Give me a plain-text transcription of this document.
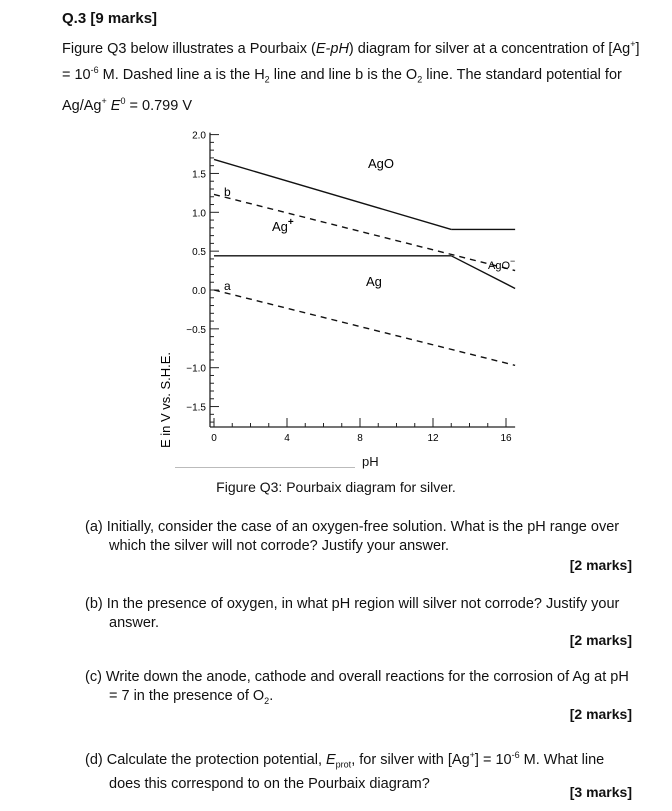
Q.3 [9 marks]
Figure Q3 below illustrates a Pourbaix (E-pH) diagram for silver at a concentration of $[Ag^+] = 10^{-6}$ M. Dashed line a is the $H_2$ line and line b is the $O_2$ line. The standard potential for Ag/Ag+ $E^0 = 0.799$ V
2.0
1.5
1.0
0.5
0.0
−0.5
−1.0
−1.5
0	4	8	12	16
E in V vs. S.H.E.
AgO
Ag+
Ag
AgO−
b
a
pH
Figure Q3: Pourbaix diagram for silver.
(a) Initially, consider the case of an oxygen-free solution. What is the pH range over which the silver will not corrode? Justify your answer.
[2 marks]
(b) In the presence of oxygen, in what pH region will silver not corrode? Justify your answer.
[2 marks]
(c) Write down the anode, cathode and overall reactions for the corrosion of Ag at pH = 7 in the presence of $O_2$.
[2 marks]
(d) Calculate the protection potential, $E_{prot}$, for silver with $[Ag^+] = 10^{-6}$ M. What line does this correspond to on the Pourbaix diagram?
[3 marks]
